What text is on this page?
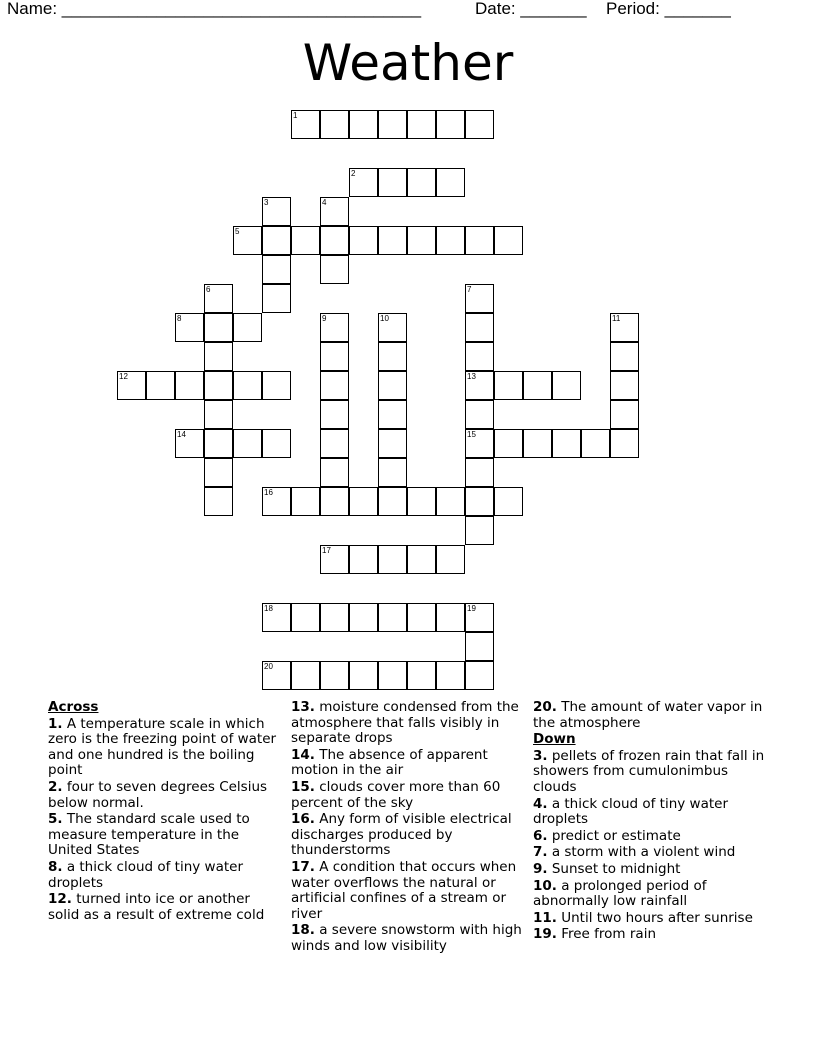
Name: ______________________________________	Date: _______ Period: _______
Weather
1
2
3	4
5
6	7
8	9	10	11
12	13
14	15
16
17
18	19
20
Across
1. A temperature scale in which zero is the freezing point of water and one hundred is the boiling point
2. four to seven degrees Celsius below normal.
5. The standard scale used to measure temperature in the United States
8. a thick cloud of tiny water droplets
12. turned into ice or another solid as a result of extreme cold
13. moisture condensed from the atmosphere that falls visibly in separate drops
14. The absence of apparent motion in the air
15. clouds cover more than 60 percent of the sky
16. Any form of visible electrical discharges produced by thunderstorms
17. A condition that occurs when water overflows the natural or artificial confines of a stream or river
18. a severe snowstorm with high winds and low visibility
20. The amount of water vapor in the atmosphere
Down
3. pellets of frozen rain that fall in showers from cumulonimbus clouds
4. a thick cloud of tiny water droplets
6. predict or estimate
7. a storm with a violent wind
9. Sunset to midnight
10. a prolonged period of abnormally low rainfall
11. Until two hours after sunrise
19. Free from rain
